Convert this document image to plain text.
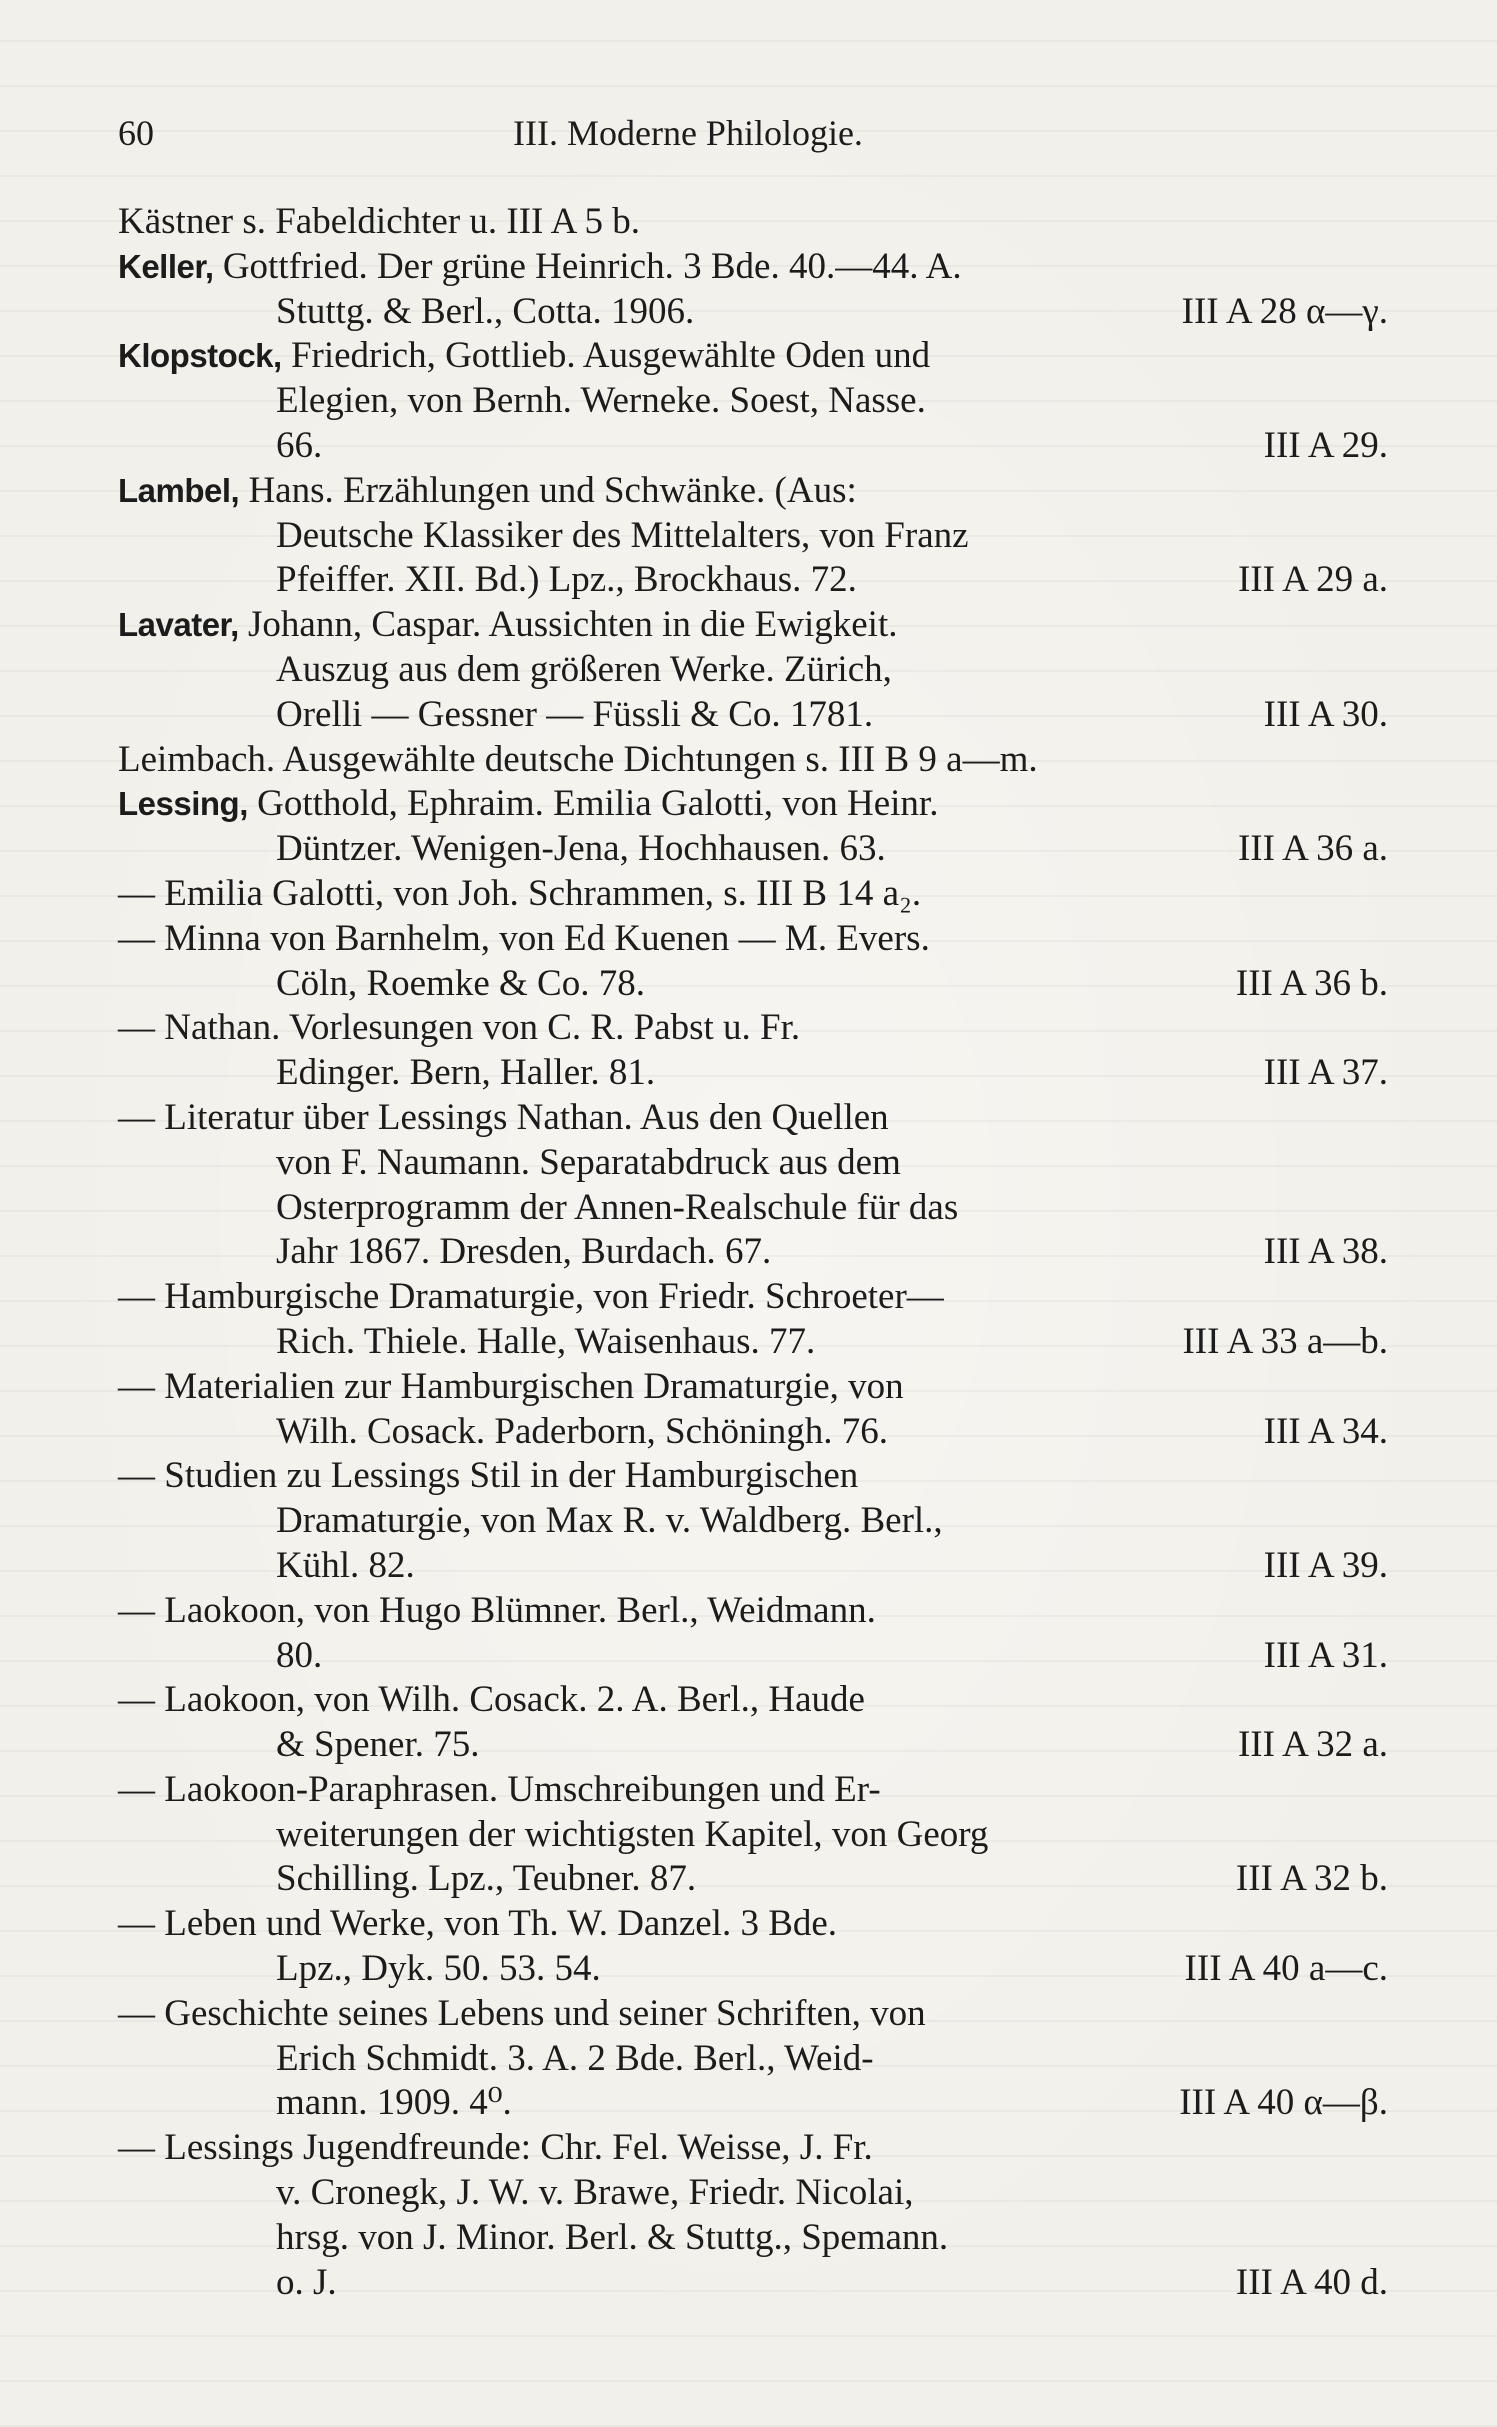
60	III. Moderne Philologie.
Kästner s. Fabeldichter u. III A 5 b.
Keller, Gottfried. Der grüne Heinrich. 3 Bde. 40.—44. A.
Stuttg. & Berl., Cotta. 1906.	III A 28 α—γ.
Klopstock, Friedrich, Gottlieb. Ausgewählte Oden und
Elegien, von Bernh. Werneke. Soest, Nasse.
66.	III A 29.
Lambel, Hans. Erzählungen und Schwänke. (Aus:
Deutsche Klassiker des Mittelalters, von Franz
Pfeiffer. XII. Bd.) Lpz., Brockhaus. 72.	III A 29 a.
Lavater, Johann, Caspar. Aussichten in die Ewigkeit.
Auszug aus dem größeren Werke. Zürich,
Orelli — Gessner — Füssli & Co. 1781.	III A 30.
Leimbach. Ausgewählte deutsche Dichtungen s. III B 9 a—m.
Lessing, Gotthold, Ephraim. Emilia Galotti, von Heinr.
Düntzer. Wenigen-Jena, Hochhausen. 63.	III A 36 a.
— Emilia Galotti, von Joh. Schrammen, s. III B 14 a₂.
— Minna von Barnhelm, von Ed Kuenen — M. Evers.
Cöln, Roemke & Co. 78.	III A 36 b.
— Nathan. Vorlesungen von C. R. Pabst u. Fr.
Edinger. Bern, Haller. 81.	III A 37.
— Literatur über Lessings Nathan. Aus den Quellen
von F. Naumann. Separatabdruck aus dem
Osterprogramm der Annen-Realschule für das
Jahr 1867. Dresden, Burdach. 67.	III A 38.
— Hamburgische Dramaturgie, von Friedr. Schroeter—
Rich. Thiele. Halle, Waisenhaus. 77.	III A 33 a—b.
— Materialien zur Hamburgischen Dramaturgie, von
Wilh. Cosack. Paderborn, Schöningh. 76.	III A 34.
— Studien zu Lessings Stil in der Hamburgischen
Dramaturgie, von Max R. v. Waldberg. Berl.,
Kühl. 82.	III A 39.
— Laokoon, von Hugo Blümner. Berl., Weidmann.
80.	III A 31.
— Laokoon, von Wilh. Cosack. 2. A. Berl., Haude
& Spener. 75.	III A 32 a.
— Laokoon-Paraphrasen. Umschreibungen und Er-
weiterungen der wichtigsten Kapitel, von Georg
Schilling. Lpz., Teubner. 87.	III A 32 b.
— Leben und Werke, von Th. W. Danzel. 3 Bde.
Lpz., Dyk. 50. 53. 54.	III A 40 a—c.
— Geschichte seines Lebens und seiner Schriften, von
Erich Schmidt. 3. A. 2 Bde. Berl., Weid-
mann. 1909. 4⁰.	III A 40 α—β.
— Lessings Jugendfreunde: Chr. Fel. Weisse, J. Fr.
v. Cronegk, J. W. v. Brawe, Friedr. Nicolai,
hrsg. von J. Minor. Berl. & Stuttg., Spemann.
o. J.	III A 40 d.
